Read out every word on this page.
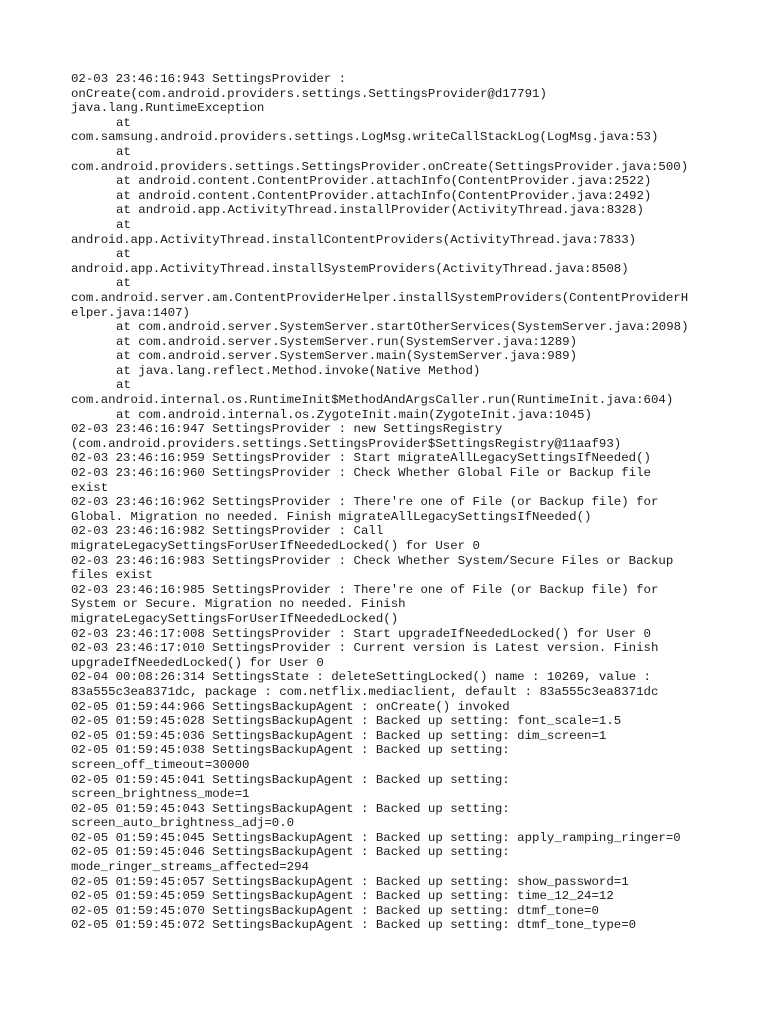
02-03 23:46:16:943 SettingsProvider :
onCreate(com.android.providers.settings.SettingsProvider@d17791)
java.lang.RuntimeException
at
com.samsung.android.providers.settings.LogMsg.writeCallStackLog(LogMsg.java:53)
at
com.android.providers.settings.SettingsProvider.onCreate(SettingsProvider.java:500)
at android.content.ContentProvider.attachInfo(ContentProvider.java:2522)
at android.content.ContentProvider.attachInfo(ContentProvider.java:2492)
at android.app.ActivityThread.installProvider(ActivityThread.java:8328)
at
android.app.ActivityThread.installContentProviders(ActivityThread.java:7833)
at
android.app.ActivityThread.installSystemProviders(ActivityThread.java:8508)
at
com.android.server.am.ContentProviderHelper.installSystemProviders(ContentProviderH
elper.java:1407)
at com.android.server.SystemServer.startOtherServices(SystemServer.java:2098)
at com.android.server.SystemServer.run(SystemServer.java:1289)
at com.android.server.SystemServer.main(SystemServer.java:989)
at java.lang.reflect.Method.invoke(Native Method)
at
com.android.internal.os.RuntimeInit$MethodAndArgsCaller.run(RuntimeInit.java:604)
at com.android.internal.os.ZygoteInit.main(ZygoteInit.java:1045)
02-03 23:46:16:947 SettingsProvider : new SettingsRegistry
(com.android.providers.settings.SettingsProvider$SettingsRegistry@11aaf93)
02-03 23:46:16:959 SettingsProvider : Start migrateAllLegacySettingsIfNeeded()
02-03 23:46:16:960 SettingsProvider : Check Whether Global File or Backup file
exist
02-03 23:46:16:962 SettingsProvider : There're one of File (or Backup file) for
Global. Migration no needed. Finish migrateAllLegacySettingsIfNeeded()
02-03 23:46:16:982 SettingsProvider : Call
migrateLegacySettingsForUserIfNeededLocked() for User 0
02-03 23:46:16:983 SettingsProvider : Check Whether System/Secure Files or Backup
files exist
02-03 23:46:16:985 SettingsProvider : There're one of File (or Backup file) for
System or Secure. Migration no needed. Finish
migrateLegacySettingsForUserIfNeededLocked()
02-03 23:46:17:008 SettingsProvider : Start upgradeIfNeededLocked() for User 0
02-03 23:46:17:010 SettingsProvider : Current version is Latest version. Finish
upgradeIfNeededLocked() for User 0
02-04 00:08:26:314 SettingsState : deleteSettingLocked() name : 10269, value :
83a555c3ea8371dc, package : com.netflix.mediaclient, default : 83a555c3ea8371dc
02-05 01:59:44:966 SettingsBackupAgent : onCreate() invoked
02-05 01:59:45:028 SettingsBackupAgent : Backed up setting: font_scale=1.5
02-05 01:59:45:036 SettingsBackupAgent : Backed up setting: dim_screen=1
02-05 01:59:45:038 SettingsBackupAgent : Backed up setting:
screen_off_timeout=30000
02-05 01:59:45:041 SettingsBackupAgent : Backed up setting:
screen_brightness_mode=1
02-05 01:59:45:043 SettingsBackupAgent : Backed up setting:
screen_auto_brightness_adj=0.0
02-05 01:59:45:045 SettingsBackupAgent : Backed up setting: apply_ramping_ringer=0
02-05 01:59:45:046 SettingsBackupAgent : Backed up setting:
mode_ringer_streams_affected=294
02-05 01:59:45:057 SettingsBackupAgent : Backed up setting: show_password=1
02-05 01:59:45:059 SettingsBackupAgent : Backed up setting: time_12_24=12
02-05 01:59:45:070 SettingsBackupAgent : Backed up setting: dtmf_tone=0
02-05 01:59:45:072 SettingsBackupAgent : Backed up setting: dtmf_tone_type=0
